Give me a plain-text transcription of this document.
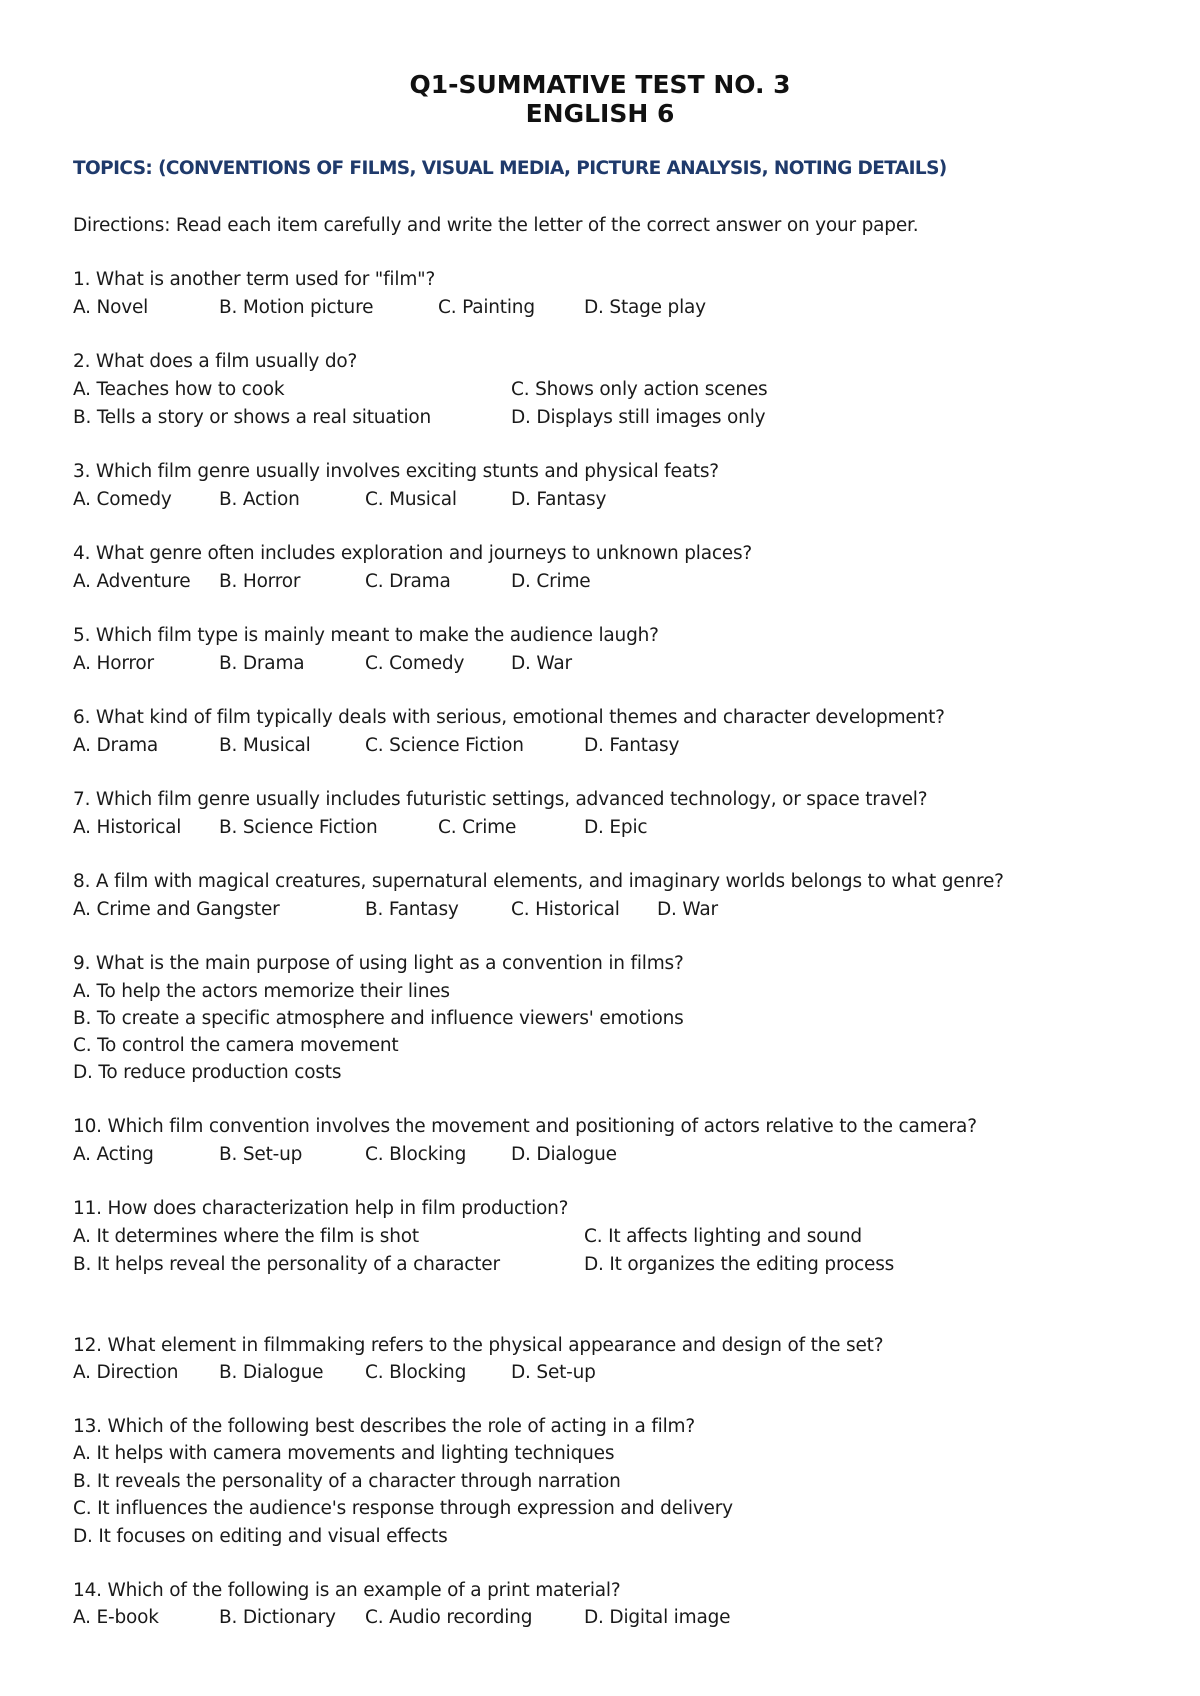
Q1-SUMMATIVE TEST NO. 3
ENGLISH 6
TOPICS: (CONVENTIONS OF FILMS, VISUAL MEDIA, PICTURE ANALYSIS, NOTING DETAILS)
Directions: Read each item carefully and write the letter of the correct answer on your paper.
1. What is another term used for "film"?
A. Novel	B. Motion picture	C. Painting	D. Stage play
2. What does a film usually do?
A. Teaches how to cook	C. Shows only action scenes
B. Tells a story or shows a real situation	D. Displays still images only
3. Which film genre usually involves exciting stunts and physical feats?
A. Comedy	B. Action	C. Musical	D. Fantasy
4. What genre often includes exploration and journeys to unknown places?
A. Adventure B. Horror	C. Drama	D. Crime
5. Which film type is mainly meant to make the audience laugh?
A. Horror	B. Drama	C. Comedy	D. War
6. What kind of film typically deals with serious, emotional themes and character development?
A. Drama	B. Musical	C. Science Fiction	D. Fantasy
7. Which film genre usually includes futuristic settings, advanced technology, or space travel?
A. Historical B. Science Fiction	C. Crime	D. Epic
8. A film with magical creatures, supernatural elements, and imaginary worlds belongs to what genre?
A. Crime and Gangster	B. Fantasy	C. Historical D. War
9. What is the main purpose of using light as a convention in films?
A. To help the actors memorize their lines
B. To create a specific atmosphere and influence viewers' emotions
C. To control the camera movement
D. To reduce production costs
10. Which film convention involves the movement and positioning of actors relative to the camera?
A. Acting	B. Set-up	C. Blocking D. Dialogue
11. How does characterization help in film production?
A. It determines where the film is shot	C. It affects lighting and sound
B. It helps reveal the personality of a character	D. It organizes the editing process
12. What element in filmmaking refers to the physical appearance and design of the set?
A. Direction B. Dialogue C. Blocking D. Set-up
13. Which of the following best describes the role of acting in a film?
A. It helps with camera movements and lighting techniques
B. It reveals the personality of a character through narration
C. It influences the audience's response through expression and delivery
D. It focuses on editing and visual effects
14. Which of the following is an example of a print material?
A. E-book	B. Dictionary C. Audio recording	D. Digital image
